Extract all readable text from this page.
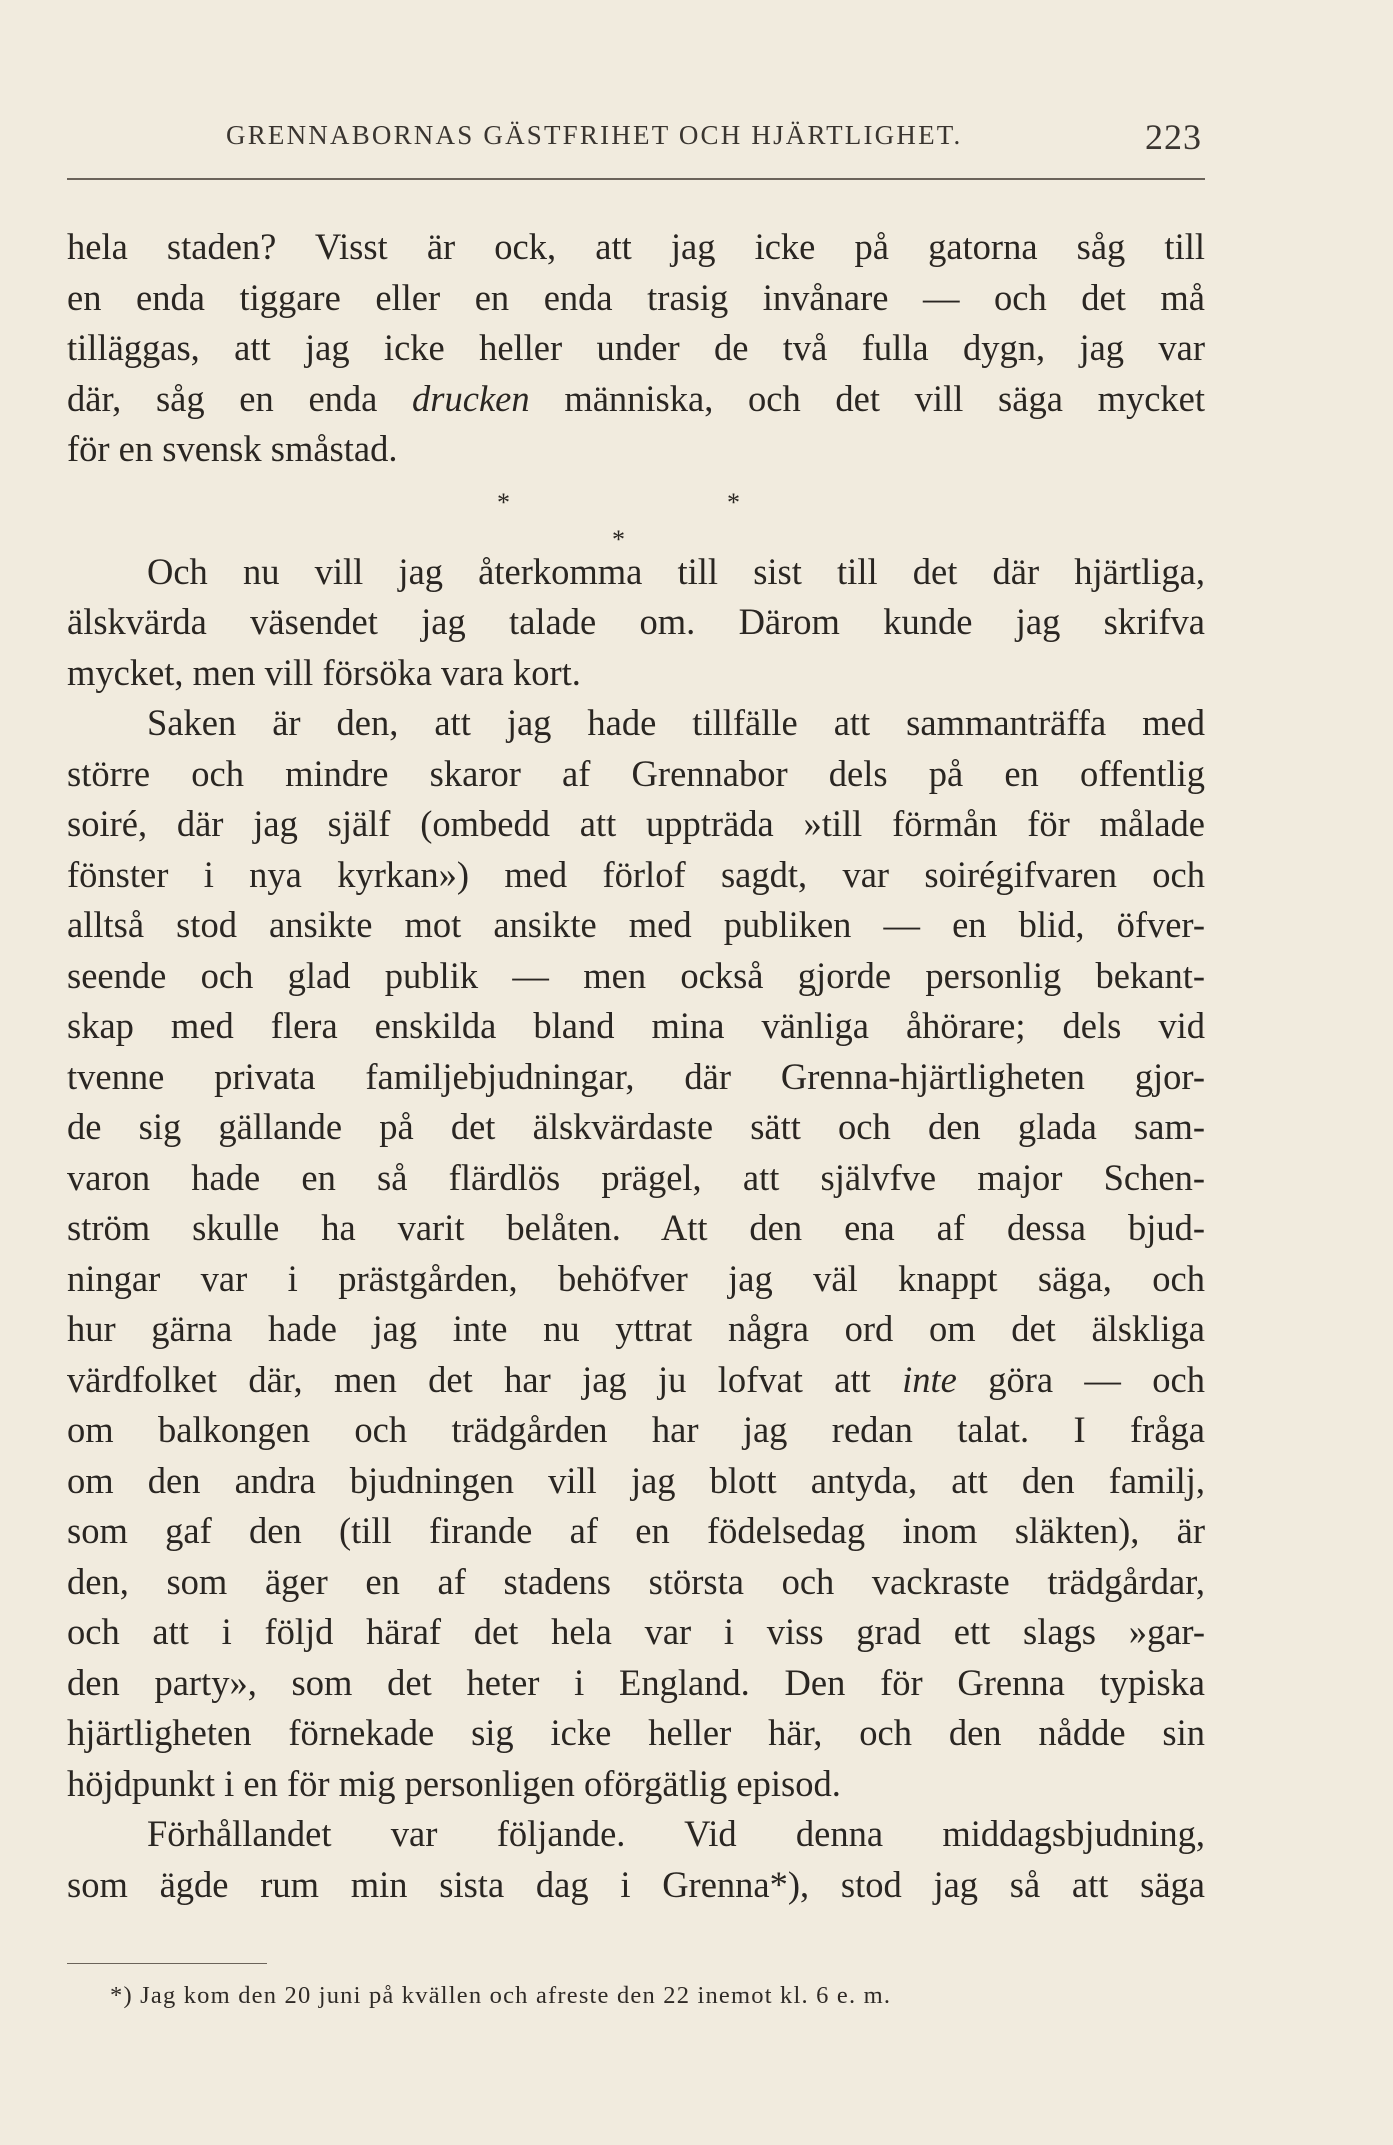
GRENNABORNAS GÄSTFRIHET OCH HJÄRTLIGHET.	223
hela staden? Visst är ock, att jag icke på gatorna såg till
en enda tiggare eller en enda trasig invånare — och det må
tilläggas, att jag icke heller under de två fulla dygn, jag var
där, såg en enda drucken människa, och det vill säga mycket
för en svensk småstad.
*	*
*
Och nu vill jag återkomma till sist till det där hjärtliga,
älskvärda väsendet jag talade om. Därom kunde jag skrifva
mycket, men vill försöka vara kort.
Saken är den, att jag hade tillfälle att sammanträffa med
större och mindre skaror af Grennabor dels på en offentlig
soiré, där jag själf (ombedd att uppträda »till förmån för målade
fönster i nya kyrkan») med förlof sagdt, var soirégifvaren och
alltså stod ansikte mot ansikte med publiken — en blid, öfver-
seende och glad publik — men också gjorde personlig bekant-
skap med flera enskilda bland mina vänliga åhörare; dels vid
tvenne privata familjebjudningar, där Grenna-hjärtligheten gjor-
de sig gällande på det älskvärdaste sätt och den glada sam-
varon hade en så flärdlös prägel, att självfve major Schen-
ström skulle ha varit belåten. Att den ena af dessa bjud-
ningar var i prästgården, behöfver jag väl knappt säga, och
hur gärna hade jag inte nu yttrat några ord om det älskliga
värdfolket där, men det har jag ju lofvat att inte göra — och
om balkongen och trädgården har jag redan talat. I fråga
om den andra bjudningen vill jag blott antyda, att den familj,
som gaf den (till firande af en födelsedag inom släkten), är
den, som äger en af stadens största och vackraste trädgårdar,
och att i följd häraf det hela var i viss grad ett slags »gar-
den party», som det heter i England. Den för Grenna typiska
hjärtligheten förnekade sig icke heller här, och den nådde sin
höjdpunkt i en för mig personligen oförgätlig episod.
Förhållandet var följande. Vid denna middagsbjudning,
som ägde rum min sista dag i Grenna*), stod jag så att säga
*) Jag kom den 20 juni på kvällen och afreste den 22 inemot kl. 6 e. m.
